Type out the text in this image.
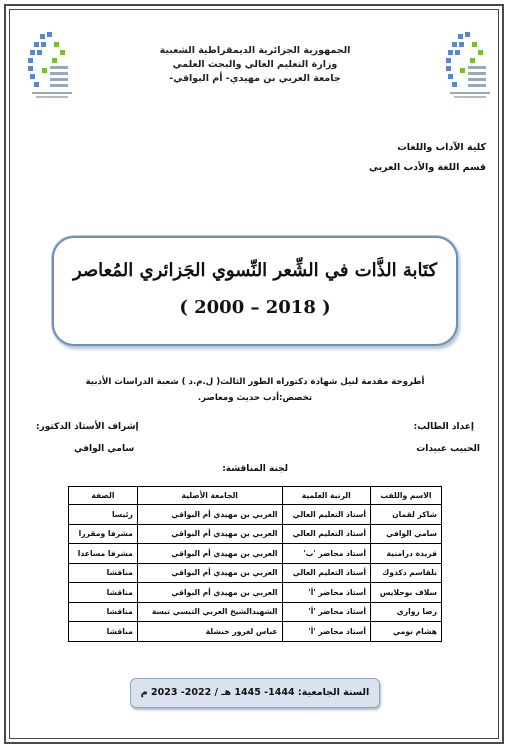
الجمهورية الجزائرية الديمقراطية الشعبية
وزارة التعليم العالي والبحث العلمي
جامعة العربي بن مهيدي- أم البواقي-
كلية الآداب واللغات
قسم اللغة والأدب العربي
كتَابة الذَّات في الشِّعر النِّسوي الجَزائري المُعاصر
( 2000 – 2018 )
أطروحة مقدمة لنيل شهادة دكتوراه الطور الثالث( ل.م.د ) شعبة الدراسات الأدبية
تخصص:أدب حديث ومعاصر.
إعداد الطالب:
إشراف الأستاذ الدكتور:
الحبيب عبيدات
سامي الوافي
لجنة المناقشة:
الاسم واللقب	الرتبة العلمية	الجامعة الأصلية	الصفة
شاكر لقمان	أستاذ التعليم العالي	العربي بن مهيدي أم البواقي	رئيسا
سامي الوافي	أستاذ التعليم العالي	العربي بن مهيدي أم البواقي	مشرفا ومقررا
فريدة درامنية	أستاذ محاضر 'ب'	العربي بن مهيدي أم البواقي	مشرفا مساعدا
بلقاسم دكدوك	أستاذ التعليم العالي	العربي بن مهيدي أم البواقي	مناقشا
سلاف بوحلايس	أستاذ محاضر 'أ'	العربي بن مهيدي أم البواقي	مناقشا
رضا زواري	أستاذ محاضر 'أ'	الشهيدالشيخ العربي التبسي تبسة	مناقشا
هشام تومي	أستاذ محاضر 'أ'	عباس لغرور خنشلة	مناقشا
السنة الجامعية: 1444- 1445 هـ / 2022- 2023 م
